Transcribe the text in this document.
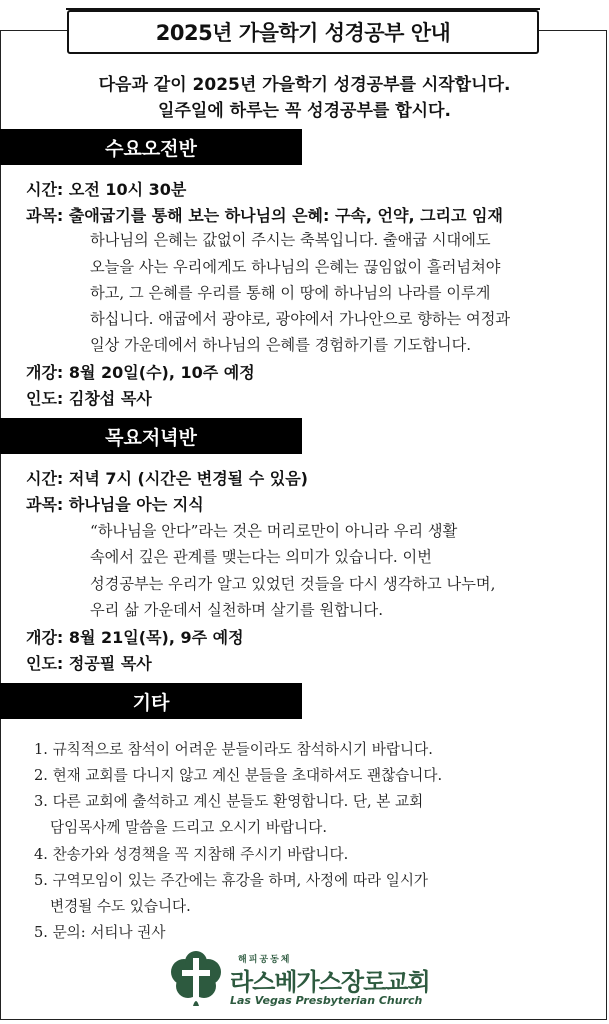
2025년 가을학기 성경공부 안내
다음과 같이 2025년 가을학기 성경공부를 시작합니다.
일주일에 하루는 꼭 성경공부를 합시다.
수요오전반
시간: 오전 10시 30분
과목: 출애굽기를 통해 보는 하나님의 은혜: 구속, 언약, 그리고 임재
하나님의 은혜는 값없이 주시는 축복입니다. 출애굽 시대에도
오늘을 사는 우리에게도 하나님의 은혜는 끊임없이 흘러넘쳐야
하고, 그 은혜를 우리를 통해 이 땅에 하나님의 나라를 이루게
하십니다. 애굽에서 광야로, 광야에서 가나안으로 향하는 여정과
일상 가운데에서 하나님의 은혜를 경험하기를 기도합니다.
개강: 8월 20일(수), 10주 예정
인도: 김창섭 목사
목요저녁반
시간: 저녁 7시 (시간은 변경될 수 있음)
과목: 하나님을 아는 지식
“하나님을 안다”라는 것은 머리로만이 아니라 우리 생활
속에서 깊은 관계를 맺는다는 의미가 있습니다. 이번
성경공부는 우리가 알고 있었던 것들을 다시 생각하고 나누며,
우리 삶 가운데서 실천하며 살기를 원합니다.
개강: 8월 21일(목), 9주 예정
인도: 정공필 목사
기타
1. 규칙적으로 참석이 어려운 분들이라도 참석하시기 바랍니다.
2. 현재 교회를 다니지 않고 계신 분들을 초대하셔도 괜찮습니다.
3. 다른 교회에 출석하고 계신 분들도 환영합니다. 단, 본 교회
담임목사께 말씀을 드리고 오시기 바랍니다.
4. 찬송가와 성경책을 꼭 지참해 주시기 바랍니다.
5. 구역모임이 있는 주간에는 휴강을 하며, 사정에 따라 일시가
변경될 수도 있습니다.
5. 문의: 서티나 권사
해피공동체
라스베가스장로교회
Las Vegas Presbyterian Church
